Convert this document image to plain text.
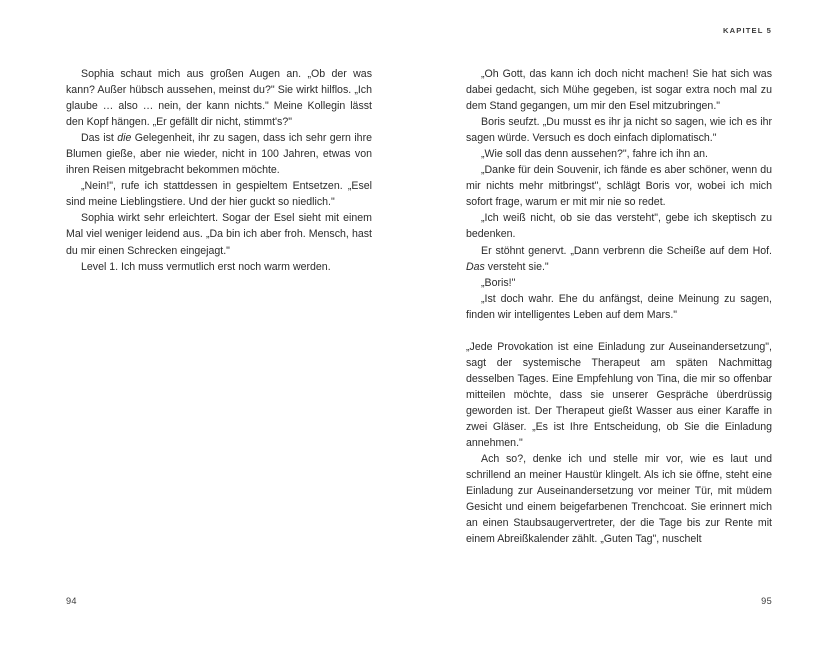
KAPITEL 5

Sophia schaut mich aus großen Augen an. „Ob der was kann? Außer hübsch aussehen, meinst du?" Sie wirkt hilflos. „Ich glaube … also … nein, der kann nichts." Meine Kollegin lässt den Kopf hängen. „Er gefällt dir nicht, stimmt's?"

Das ist die Gelegenheit, ihr zu sagen, dass ich sehr gern ihre Blumen gieße, aber nie wieder, nicht in 100 Jahren, etwas von ihren Reisen mitgebracht bekommen möchte.

„Nein!", rufe ich stattdessen in gespieltem Entsetzen. „Esel sind meine Lieblingstiere. Und der hier guckt so niedlich."

Sophia wirkt sehr erleichtert. Sogar der Esel sieht mit einem Mal viel weniger leidend aus. „Da bin ich aber froh. Mensch, hast du mir einen Schrecken eingejagt."

Level 1. Ich muss vermutlich erst noch warm werden.

„Oh Gott, das kann ich doch nicht machen! Sie hat sich was dabei gedacht, sich Mühe gegeben, ist sogar extra noch mal zu dem Stand gegangen, um mir den Esel mitzubringen."

Boris seufzt. „Du musst es ihr ja nicht so sagen, wie ich es ihr sagen würde. Versuch es doch einfach diplomatisch."

„Wie soll das denn aussehen?", fahre ich ihn an.

„Danke für dein Souvenir, ich fände es aber schöner, wenn du mir nichts mehr mitbringst", schlägt Boris vor, wobei ich mich sofort frage, warum er mit mir nie so redet.

„Ich weiß nicht, ob sie das versteht", gebe ich skeptisch zu bedenken.

Er stöhnt genervt. „Dann verbrenn die Scheiße auf dem Hof. Das versteht sie."

„Boris!"

„Ist doch wahr. Ehe du anfängst, deine Meinung zu sagen, finden wir intelligentes Leben auf dem Mars."

„Jede Provokation ist eine Einladung zur Auseinandersetzung", sagt der systemische Therapeut am späten Nachmittag desselben Tages. Eine Empfehlung von Tina, die mir so offenbar mitteilen möchte, dass sie unserer Gespräche überdrüssig geworden ist. Der Therapeut gießt Wasser aus einer Karaffe in zwei Gläser. „Es ist Ihre Entscheidung, ob Sie die Einladung annehmen."

Ach so?, denke ich und stelle mir vor, wie es laut und schrillend an meiner Haustür klingelt. Als ich sie öffne, steht eine Einladung zur Auseinandersetzung vor meiner Tür, mit müdem Gesicht und einem beigefarbenen Trenchcoat. Sie erinnert mich an einen Staubsaugervertreter, der die Tage bis zur Rente mit einem Abreißkalender zählt. „Guten Tag", nuschelt

94	95
